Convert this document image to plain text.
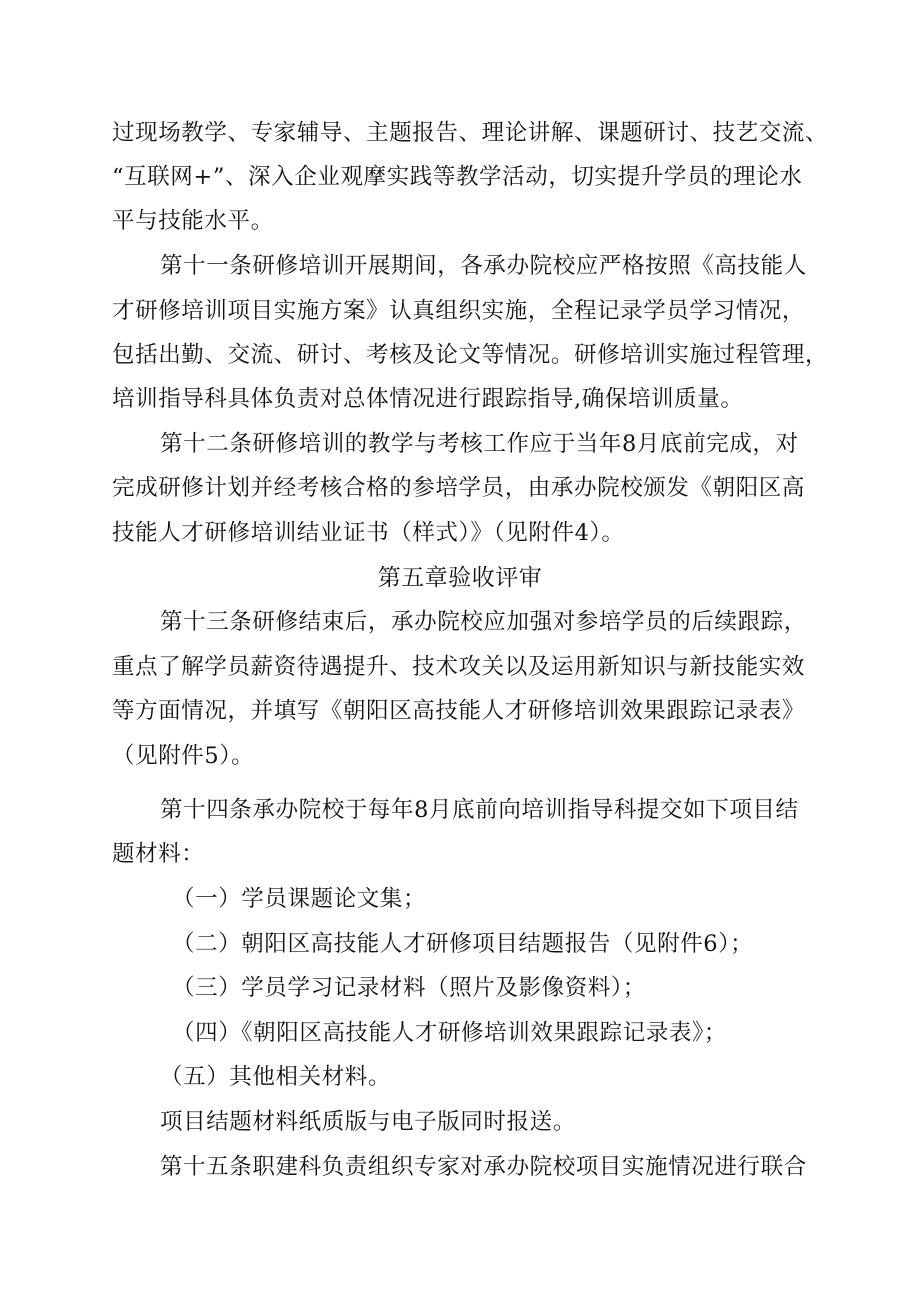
过现场教学、专家辅导、主题报告、理论讲解、课题研讨、技艺交流、
“互联网+”、深入企业观摩实践等教学活动，切实提升学员的理论水
平与技能水平。
第十一条研修培训开展期间，各承办院校应严格按照《高技能人
才研修培训项目实施方案》认真组织实施，全程记录学员学习情况，
包括出勤、交流、研讨、考核及论文等情况。研修培训实施过程管理，
培训指导科具体负责对总体情况进行跟踪指导,确保培训质量。
第十二条研修培训的教学与考核工作应于当年8月底前完成，对
完成研修计划并经考核合格的参培学员，由承办院校颁发《朝阳区高
技能人才研修培训结业证书（样式）》（见附件4）。
第五章验收评审
第十三条研修结束后，承办院校应加强对参培学员的后续跟踪，
重点了解学员薪资待遇提升、技术攻关以及运用新知识与新技能实效
等方面情况，并填写《朝阳区高技能人才研修培训效果跟踪记录表》
（见附件5）。
第十四条承办院校于每年8月底前向培训指导科提交如下项目结
题材料：
（一）学员课题论文集；
（二）朝阳区高技能人才研修项目结题报告（见附件6）；
（三）学员学习记录材料（照片及影像资料）；
（四）《朝阳区高技能人才研修培训效果跟踪记录表》；
（五）其他相关材料。
项目结题材料纸质版与电子版同时报送。
第十五条职建科负责组织专家对承办院校项目实施情况进行联合
